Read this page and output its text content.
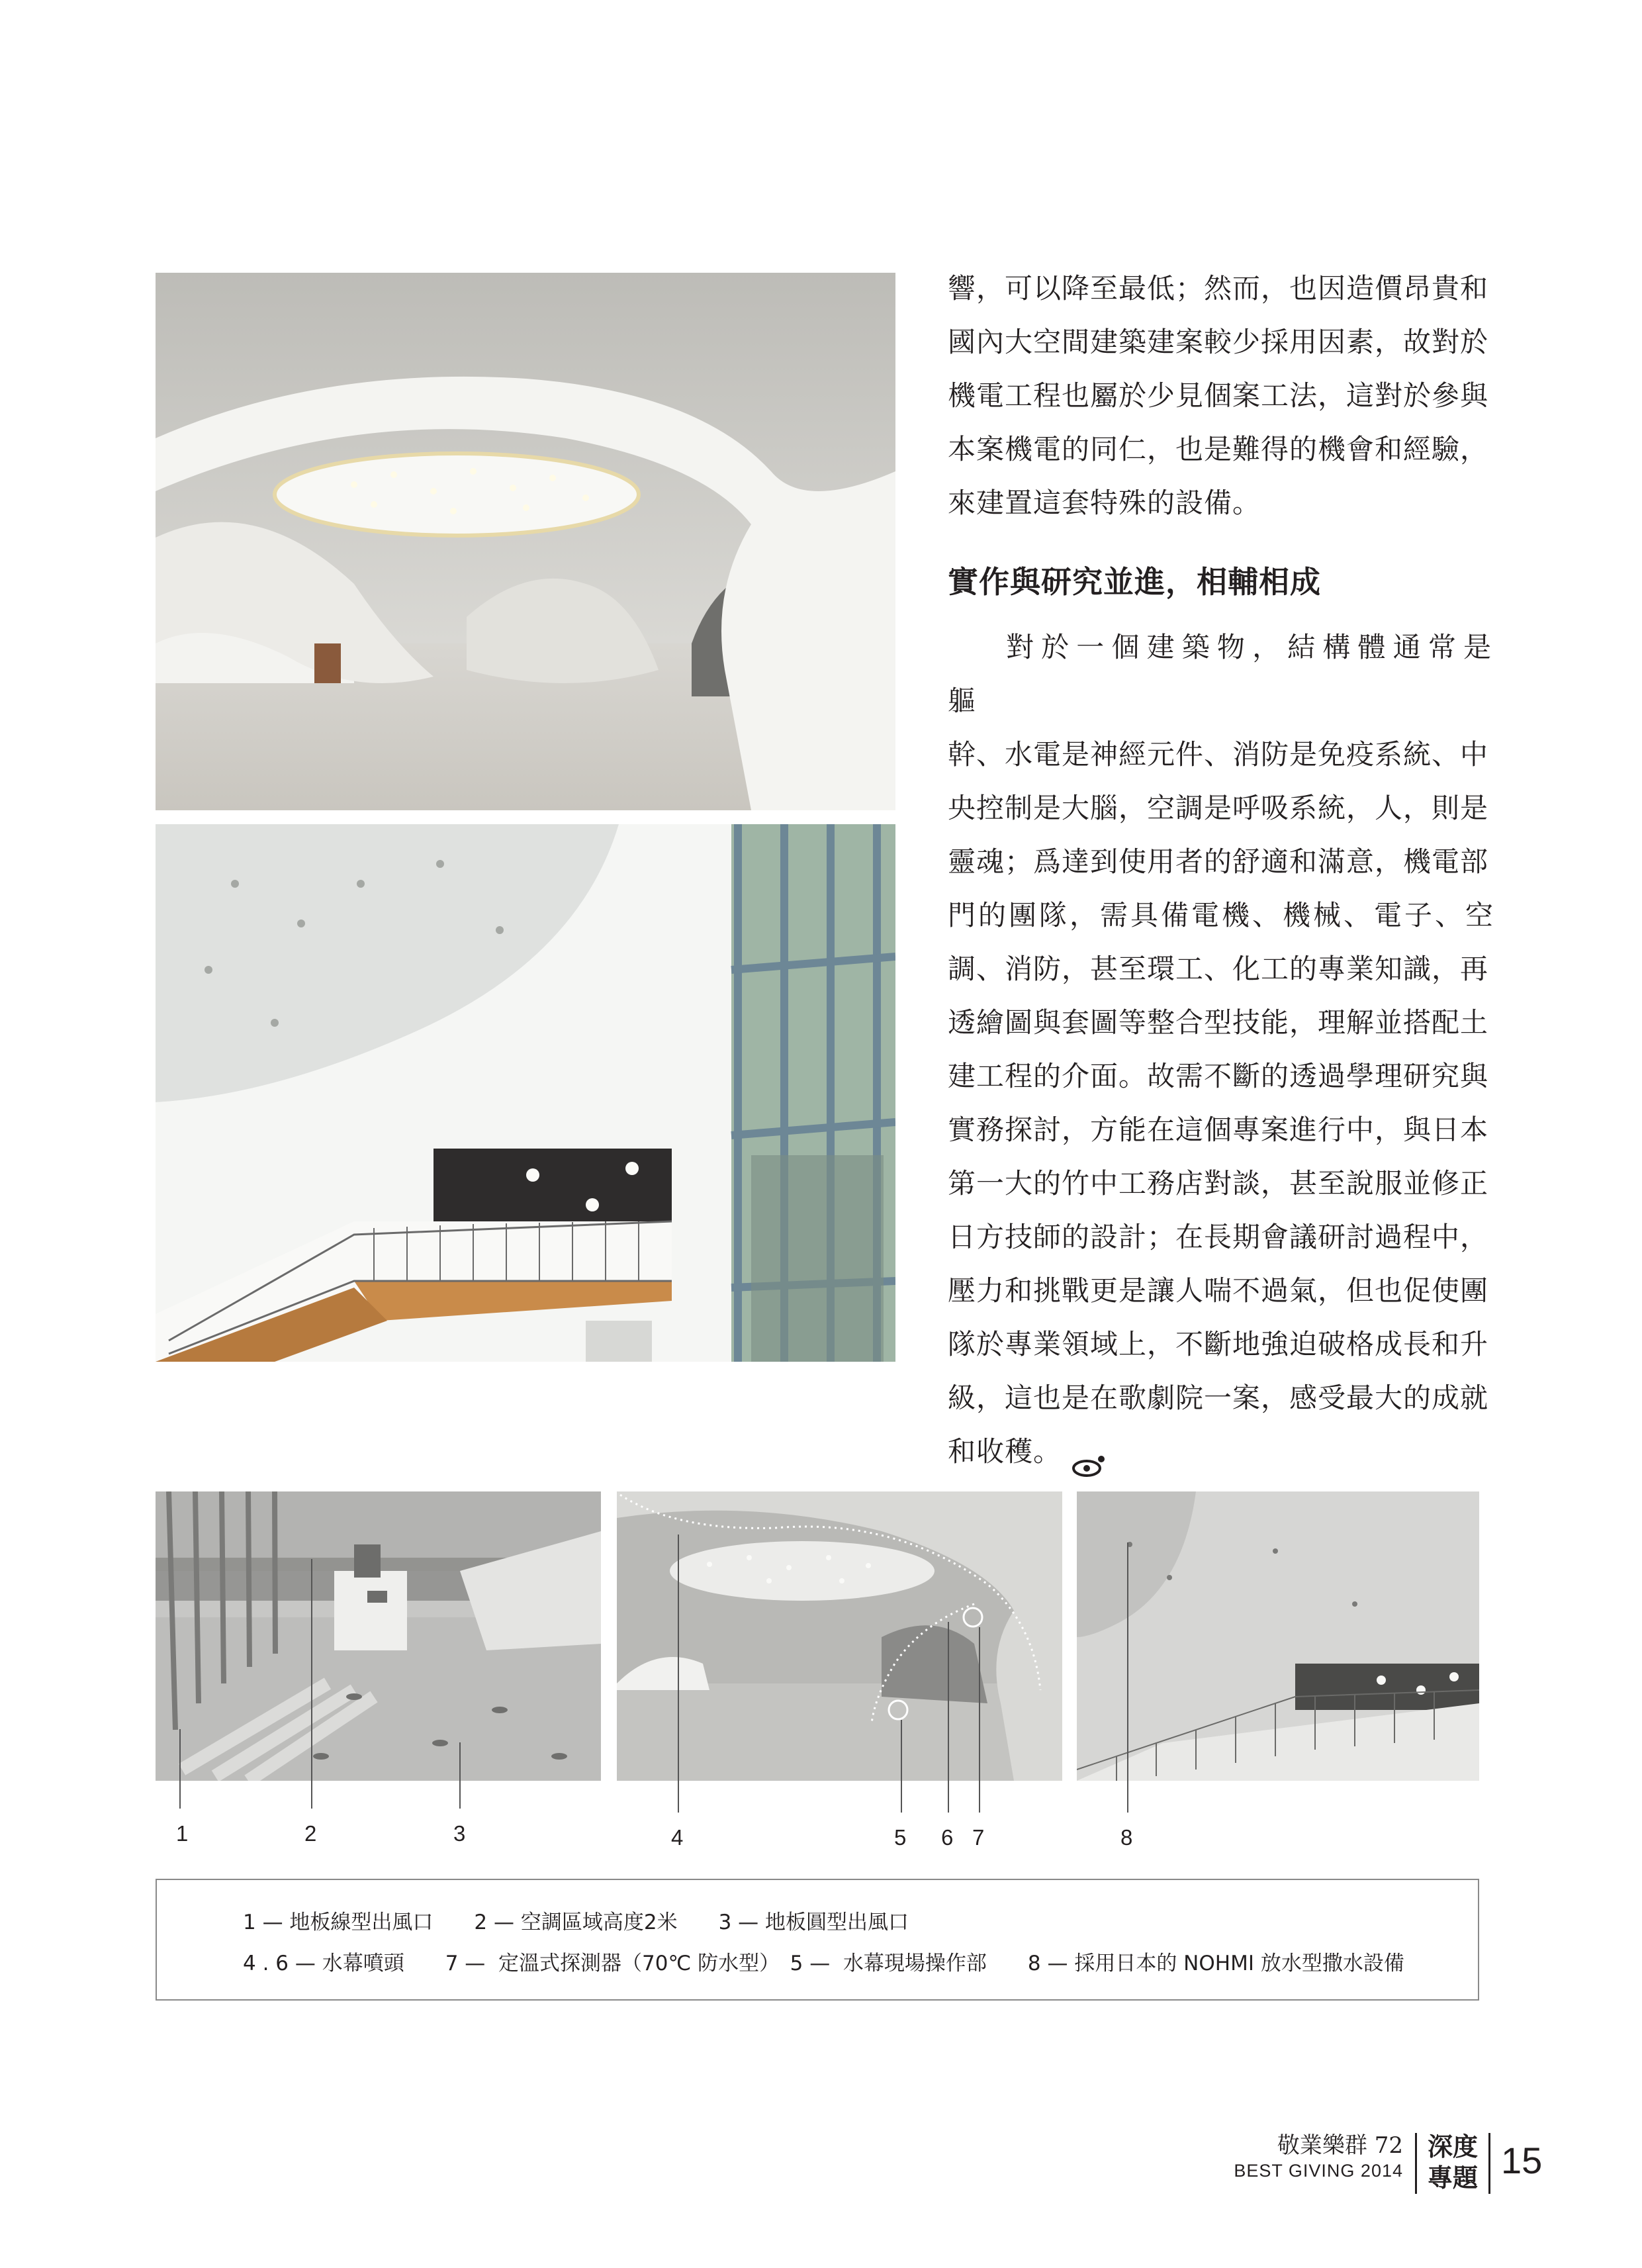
響，可以降至最低；然而，也因造價昂貴和
國內大空間建築建案較少採用因素，故對於
機電工程也屬於少見個案工法，這對於參與
本案機電的同仁，也是難得的機會和經驗，
來建置這套特殊的設備。

實作與研究並進，相輔相成

對於一個建築物，結構體通常是軀
幹、水電是神經元件、消防是免疫系統、中
央控制是大腦，空調是呼吸系統，人，則是
靈魂；爲達到使用者的舒適和滿意，機電部
門的團隊，需具備電機、機械、電子、空
調、消防，甚至環工、化工的專業知識，再
透繪圖與套圖等整合型技能，理解並搭配土
建工程的介面。故需不斷的透過學理研究與
實務探討，方能在這個專案進行中，與日本
第一大的竹中工務店對談，甚至說服並修正
日方技師的設計；在長期會議研討過程中，
壓力和挑戰更是讓人喘不過氣，但也促使團
隊於專業領域上，不斷地強迫破格成長和升
級，這也是在歌劇院一案，感受最大的成就
和收穫。

1	2	3	4	5 6 7	8
1 — 地板線型出風口　　2 — 空調區域高度2米　　3 — 地板圓型出風口
4 . 6 — 水幕噴頭　　7 —  定溫式探測器（70℃ 防水型）　5 —  水幕現場操作部　　8 — 採用日本的 NOHMI 放水型撒水設備
敬業樂群 72
BEST GIVING 2014
深度
專題 15
